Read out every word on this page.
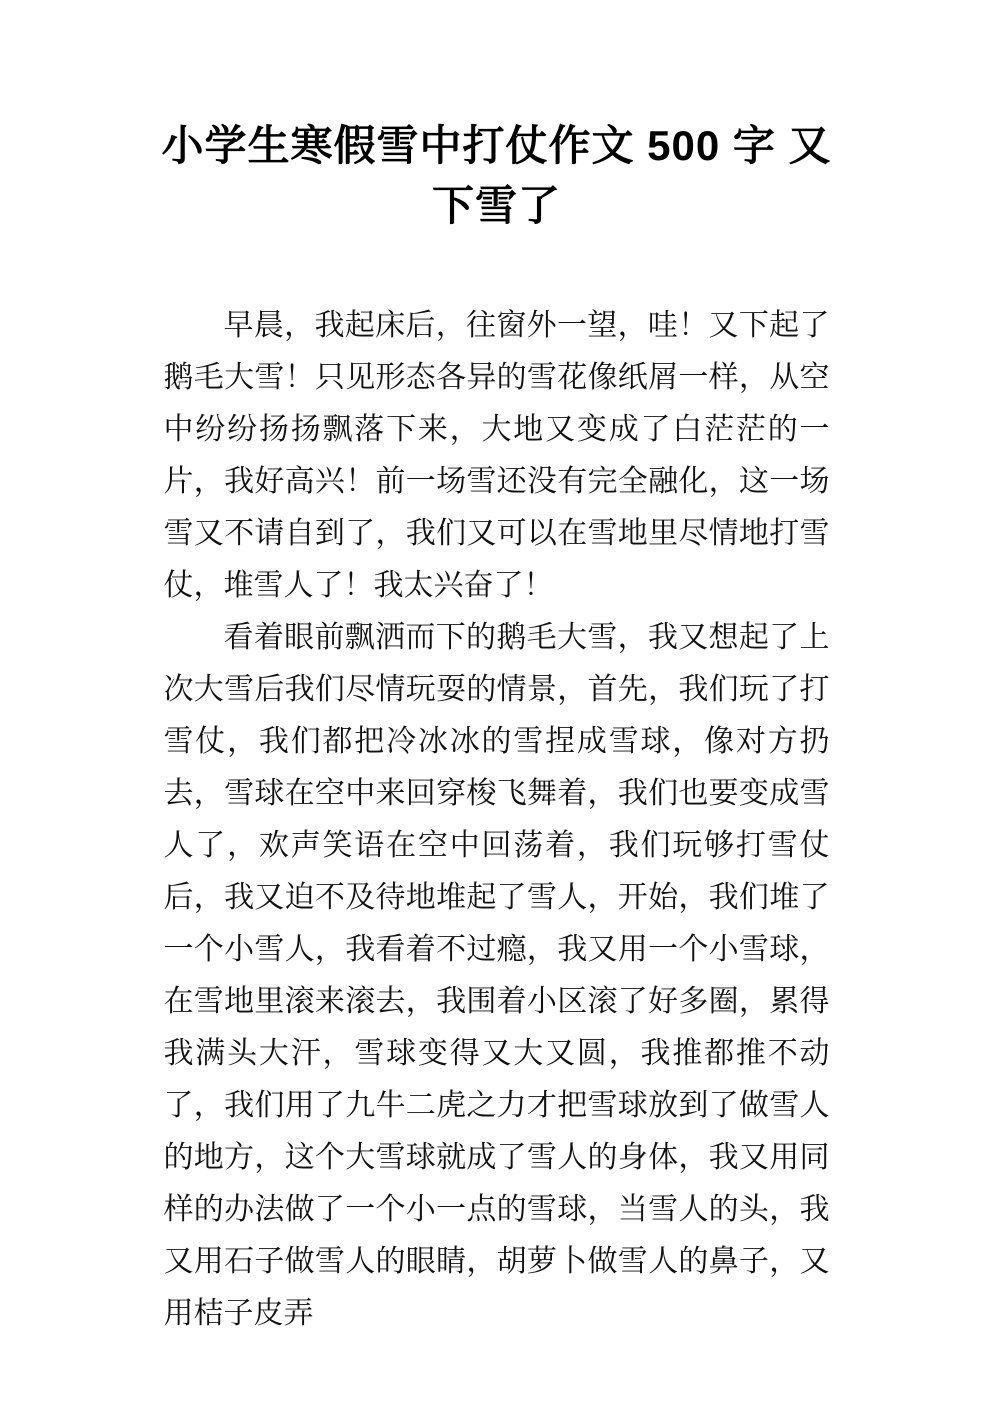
小学生寒假雪中打仗作文 500 字 又下雪了

早晨，我起床后，往窗外一望，哇！又下起了鹅毛大雪！只见形态各异的雪花像纸屑一样，从空中纷纷扬扬飘落下来，大地又变成了白茫茫的一片，我好高兴！前一场雪还没有完全融化，这一场雪又不请自到了，我们又可以在雪地里尽情地打雪仗，堆雪人了！我太兴奋了！

看着眼前飘洒而下的鹅毛大雪，我又想起了上次大雪后我们尽情玩耍的情景，首先，我们玩了打雪仗，我们都把冷冰冰的雪捏成雪球，像对方扔去，雪球在空中来回穿梭飞舞着，我们也要变成雪人了，欢声笑语在空中回荡着，我们玩够打雪仗后，我又迫不及待地堆起了雪人，开始，我们堆了一个小雪人，我看着不过瘾，我又用一个小雪球，在雪地里滚来滚去，我围着小区滚了好多圈，累得我满头大汗，雪球变得又大又圆，我推都推不动了，我们用了九牛二虎之力才把雪球放到了做雪人的地方，这个大雪球就成了雪人的身体，我又用同样的办法做了一个小一点的雪球，当雪人的头，我又用石子做雪人的眼睛，胡萝卜做雪人的鼻子，又用桔子皮弄
